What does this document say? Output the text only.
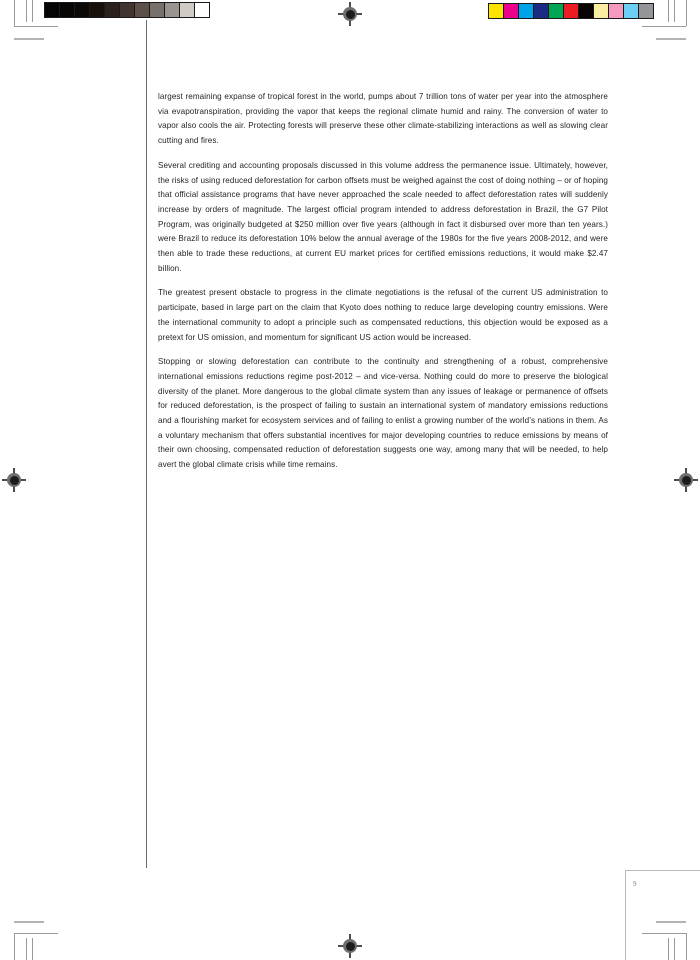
largest remaining expanse of tropical forest in the world, pumps about 7 trillion tons of water per year into the atmosphere via evapotranspiration, providing the vapor that keeps the regional climate humid and rainy. The conversion of water to vapor also cools the air. Protecting forests will preserve these other climate-stabilizing interactions as well as slowing clear cutting and fires.

Several crediting and accounting proposals discussed in this volume address the permanence issue. Ultimately, however, the risks of using reduced deforestation for carbon offsets must be weighed against the cost of doing nothing – or of hoping that official assistance programs that have never approached the scale needed to affect deforestation rates will suddenly increase by orders of magnitude. The largest official program intended to address deforestation in Brazil, the G7 Pilot Program, was originally budgeted at $250 million over five years (although in fact it disbursed over more than ten years.) were Brazil to reduce its deforestation 10% below the annual average of the 1980s for the five years 2008-2012, and were then able to trade these reductions, at current EU market prices for certified emissions reductions, it would make $2.47 billion.

The greatest present obstacle to progress in the climate negotiations is the refusal of the current US administration to participate, based in large part on the claim that Kyoto does nothing to reduce large developing country emissions. Were the international community to adopt a principle such as compensated reductions, this objection would be exposed as a pretext for US omission, and momentum for significant US action would be increased.

Stopping or slowing deforestation can contribute to the continuity and strengthening of a robust, comprehensive international emissions reductions regime post-2012 – and vice-versa. Nothing could do more to preserve the biological diversity of the planet. More dangerous to the global climate system than any issues of leakage or permanence of offsets for reduced deforestation, is the prospect of failing to sustain an international system of mandatory emissions reductions and a flourishing market for ecosystem services and of failing to enlist a growing number of the world’s nations in them. As a voluntary mechanism that offers substantial incentives for major developing countries to reduce emissions by means of their own choosing, compensated reduction of deforestation suggests one way, among many that will be needed, to help avert the global climate crisis while time remains.

9
